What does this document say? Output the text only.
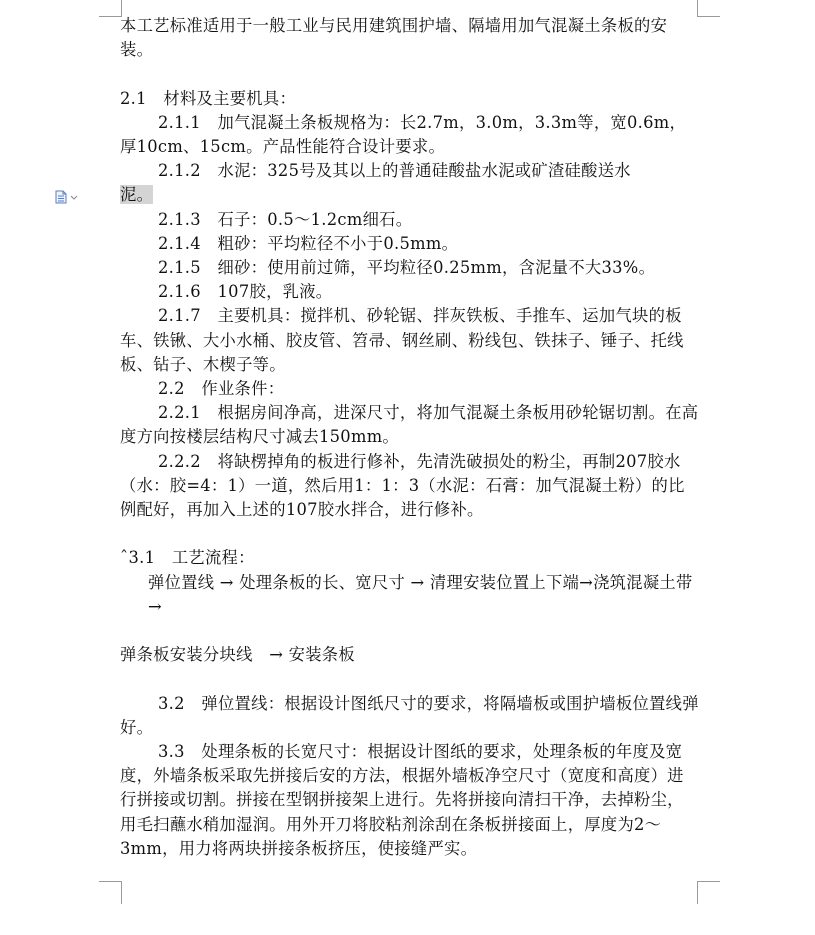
本工艺标准适用于一般工业与民用建筑围护墙、隔墙用加气混凝土条板的安装。

2.1　材料及主要机具：

2.1.1　加气混凝土条板规格为：长2.7m，3.0m，3.3m等，宽0.6m，厚10cm、15cm。产品性能符合设计要求。

2.1.2　水泥：325号及其以上的普通硅酸盐水泥或矿渣硅酸送水

泥。

2.1.3　石子：0.5～1.2cm细石。

2.1.4　粗砂：平均粒径不小于0.5mm。

2.1.5　细砂：使用前过筛，平均粒径0.25mm，含泥量不大33%。

2.1.6　107胶，乳液。

2.1.7　主要机具：搅拌机、砂轮锯、拌灰铁板、手推车、运加气块的板车、铁锹、大小水桶、胶皮管、笤帚、钢丝刷、粉线包、铁抹子、锤子、托线板、钻子、木楔子等。

2.2　作业条件：

2.2.1　根据房间净高，进深尺寸，将加气混凝土条板用砂轮锯切割。在高度方向按楼层结构尺寸减去150mm。

2.2.2　将缺楞掉角的板进行修补，先清洗破损处的粉尘，再制207胶水（水：胶=4：1）一道，然后用1：1：3（水泥：石膏：加气混凝土粉）的比例配好，再加入上述的107胶水拌合，进行修补。

ˆ3.1　工艺流程：

弹位置线 → 处理条板的长、宽尺寸 → 清理安装位置上下端→浇筑混凝土带→

弹条板安装分块线　→ 安装条板

3.2　弹位置线：根据设计图纸尺寸的要求，将隔墙板或围护墙板位置线弹好。

3.3　处理条板的长宽尺寸：根据设计图纸的要求，处理条板的年度及宽度，外墙条板采取先拼接后安的方法，根据外墙板净空尺寸（宽度和高度）进行拼接或切割。拼接在型钢拼接架上进行。先将拼接向清扫干净，去掉粉尘，用毛扫蘸水稍加湿润。用外开刀将胶粘剂涂刮在条板拼接面上，厚度为2～3mm，用力将两块拼接条板挤压，使接缝严实。
